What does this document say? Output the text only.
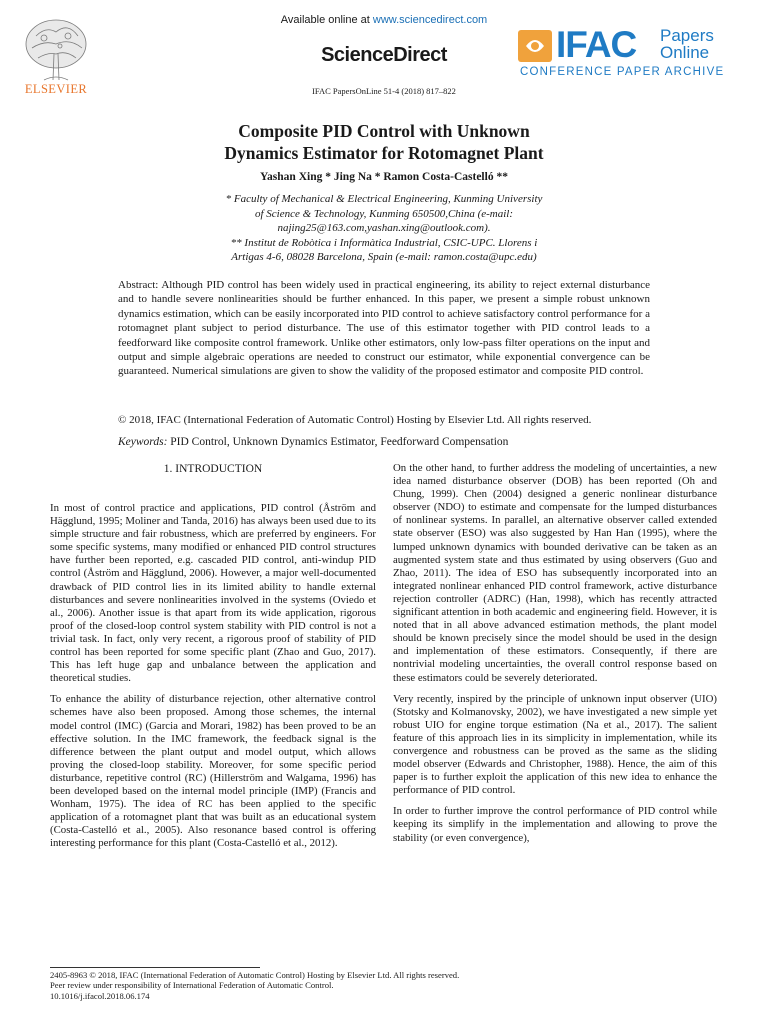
ELSEVIER
Available online at www.sciencedirect.com
ScienceDirect
IFAC PapersOnLine 51-4 (2018) 817–822
IFAC Papers
Online
CONFERENCE PAPER ARCHIVE
Composite PID Control with Unknown
Dynamics Estimator for Rotomagnet Plant
Yashan Xing * Jing Na * Ramon Costa-Castelló **
* Faculty of Mechanical & Electrical Engineering, Kunming University
of Science & Technology, Kunming 650500,China (e-mail:
najing25@163.com,yashan.xing@outlook.com).
** Institut de Robòtica i Informàtica Industrial, CSIC-UPC. Llorens i
Artigas 4-6, 08028 Barcelona, Spain (e-mail: ramon.costa@upc.edu)
Abstract: Although PID control has been widely used in practical engineering, its ability to reject external disturbance and to handle severe nonlinearities should be further enhanced. In this paper, we present a simple robust unknown dynamics estimation, which can be easily incorporated into PID control to achieve satisfactory control performance for a rotomagnet plant subject to period disturbance. The use of this estimator together with PID control leads to a feedforward like composite control framework. Unlike other estimators, only low-pass filter operations on the input and output and simple algebraic operations are needed to construct our estimator, while exponential convergence can be guaranteed. Numerical simulations are given to show the validity of the proposed estimator and composite PID control.
© 2018, IFAC (International Federation of Automatic Control) Hosting by Elsevier Ltd. All rights reserved.
Keywords: PID Control, Unknown Dynamics Estimator, Feedforward Compensation
1. INTRODUCTION

In most of control practice and applications, PID control (Åström and Hägglund, 1995; Moliner and Tanda, 2016) has always been used due to its simple structure and fair robustness, which are preferred by engineers. For some specific systems, many modified or enhanced PID control structures have further been reported, e.g. cascaded PID control, anti-windup PID control (Åström and Hägglund, 2006). However, a major well-documented drawback of PID control lies in its limited ability to handle external disturbances and severe nonlinearities involved in the systems (Oviedo et al., 2006). Another issue is that apart from its wide application, rigorous proof of the closed-loop control system stability with PID control is not a trivial task. In fact, only very recent, a rigorous proof of stability of PID control has been reported for some specific plant (Zhao and Guo, 2017). This has left huge gap and unbalance between the application and theoretical studies.

To enhance the ability of disturbance rejection, other alternative control schemes have also been proposed. Among those schemes, the internal model control (IMC) (Garcia and Morari, 1982) has been proved to be an effective solution. In the IMC framework, the feedback signal is the difference between the plant output and model output, which allows proving the closed-loop stability. Moreover, for some specific period disturbance, repetitive control (RC) (Hillerström and Walgama, 1996) has been developed based on the internal model principle (IMP) (Francis and Wonham, 1975). The idea of RC has been applied to the specific application of a rotomagnet plant that was built as an educational system (Costa-Castelló et al., 2005). Also resonance based control is offering interesting performance for this plant (Costa-Castelló et al., 2012).

On the other hand, to further address the modeling of uncertainties, a new idea named disturbance observer (DOB) has been reported (Oh and Chung, 1999). Chen (2004) designed a generic nonlinear disturbance observer (NDO) to estimate and compensate for the lumped disturbances of nonlinear systems. In parallel, an alternative observer called extended state observer (ESO) was also suggested by Han Han (1995), where the lumped unknown dynamics with bounded derivative can be taken as an augmented system state and thus estimated by using observers (Guo and Zhao, 2011). The idea of ESO has subsequently incorporated into an integrated nonlinear enhanced PID control framework, active disturbance rejection controller (ADRC) (Han, 1998), which has recently attracted significant attention in both academic and engineering field. However, it is noted that in all above advanced estimation methods, the plant model should be known precisely since the model should be used in the design and implementation of these estimators. Consequently, if there are nontrivial modeling uncertainties, the overall control response based on these estimators could be severely deteriorated.

Very recently, inspired by the principle of unknown input observer (UIO) (Stotsky and Kolmanovsky, 2002), we have investigated a new simple yet robust UIO for engine torque estimation (Na et al., 2017). The salient feature of this approach lies in its simplicity in implementation, while its convergence and robustness can be proved as the same as the sliding model observer (Edwards and Christopher, 1988). Hence, the aim of this paper is to further exploit the application of this new idea to enhance the performance of PID control.

In order to further improve the control performance of PID control while keeping its simplify in the implementation and allowing to prove the stability (or even convergence),

2405-8963 © 2018, IFAC (International Federation of Automatic Control) Hosting by Elsevier Ltd. All rights reserved.
Peer review under responsibility of International Federation of Automatic Control.
10.1016/j.ifacol.2018.06.174
